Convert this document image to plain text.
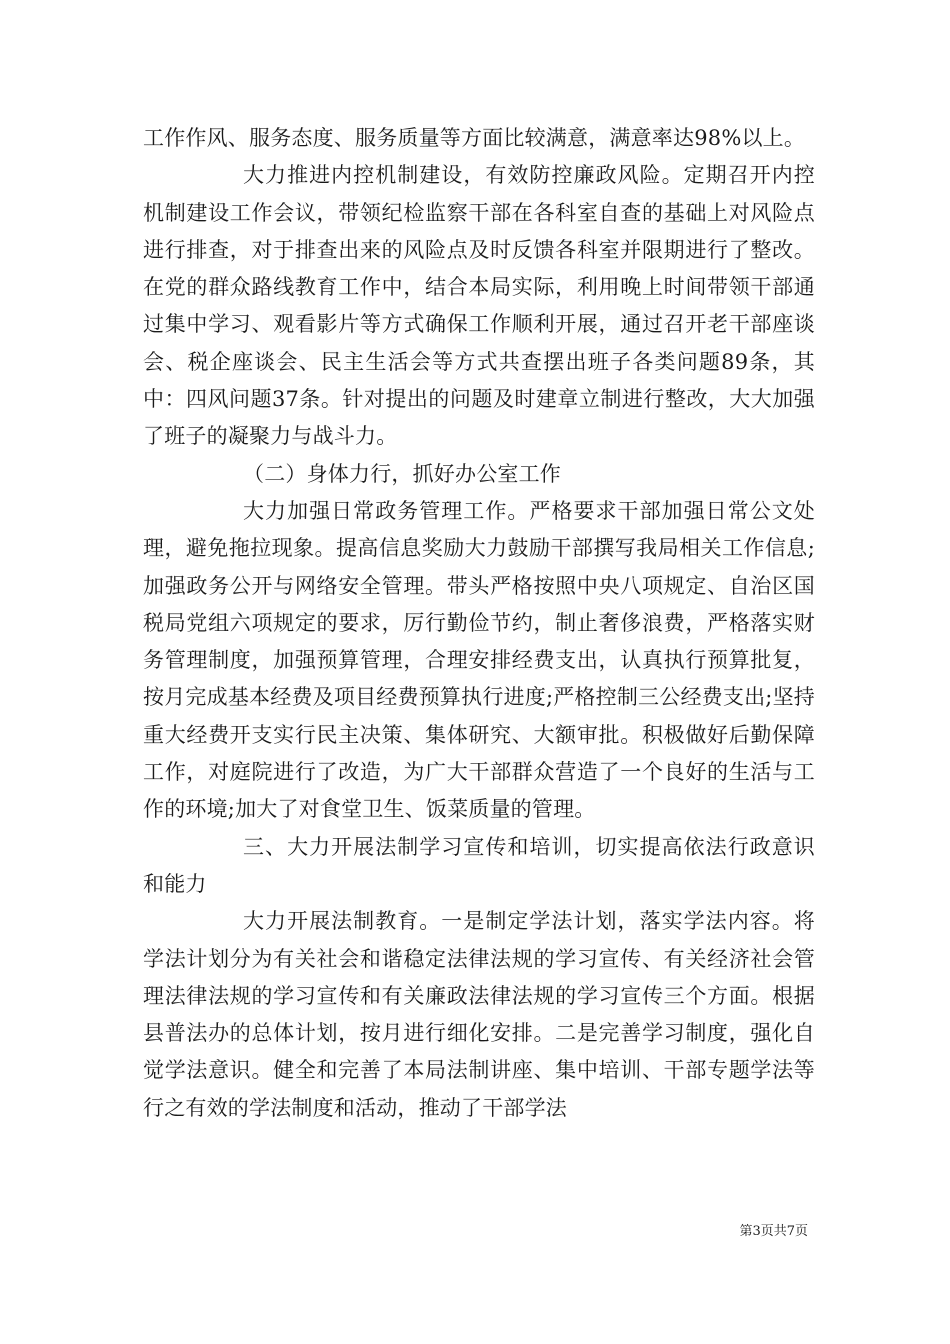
工作作风、服务态度、服务质量等方面比较满意，满意率达98%以上。

大力推进内控机制建设，有效防控廉政风险。定期召开内控机制建设工作会议，带领纪检监察干部在各科室自查的基础上对风险点进行排查，对于排查出来的风险点及时反馈各科室并限期进行了整改。在党的群众路线教育工作中，结合本局实际，利用晚上时间带领干部通过集中学习、观看影片等方式确保工作顺利开展，通过召开老干部座谈会、税企座谈会、民主生活会等方式共查摆出班子各类问题89条，其中：四风问题37条。针对提出的问题及时建章立制进行整改，大大加强了班子的凝聚力与战斗力。

（二）身体力行，抓好办公室工作

大力加强日常政务管理工作。严格要求干部加强日常公文处理，避免拖拉现象。提高信息奖励大力鼓励干部撰写我局相关工作信息;加强政务公开与网络安全管理。带头严格按照中央八项规定、自治区国税局党组六项规定的要求，厉行勤俭节约，制止奢侈浪费，严格落实财务管理制度，加强预算管理，合理安排经费支出，认真执行预算批复，按月完成基本经费及项目经费预算执行进度;严格控制三公经费支出;坚持重大经费开支实行民主决策、集体研究、大额审批。积极做好后勤保障工作，对庭院进行了改造，为广大干部群众营造了一个良好的生活与工作的环境;加大了对食堂卫生、饭菜质量的管理。

三、大力开展法制学习宣传和培训，切实提高依法行政意识和能力

大力开展法制教育。一是制定学法计划，落实学法内容。将学法计划分为有关社会和谐稳定法律法规的学习宣传、有关经济社会管理法律法规的学习宣传和有关廉政法律法规的学习宣传三个方面。根据县普法办的总体计划，按月进行细化安排。二是完善学习制度，强化自觉学法意识。健全和完善了本局法制讲座、集中培训、干部专题学法等行之有效的学法制度和活动，推动了干部学法

第3页共7页
